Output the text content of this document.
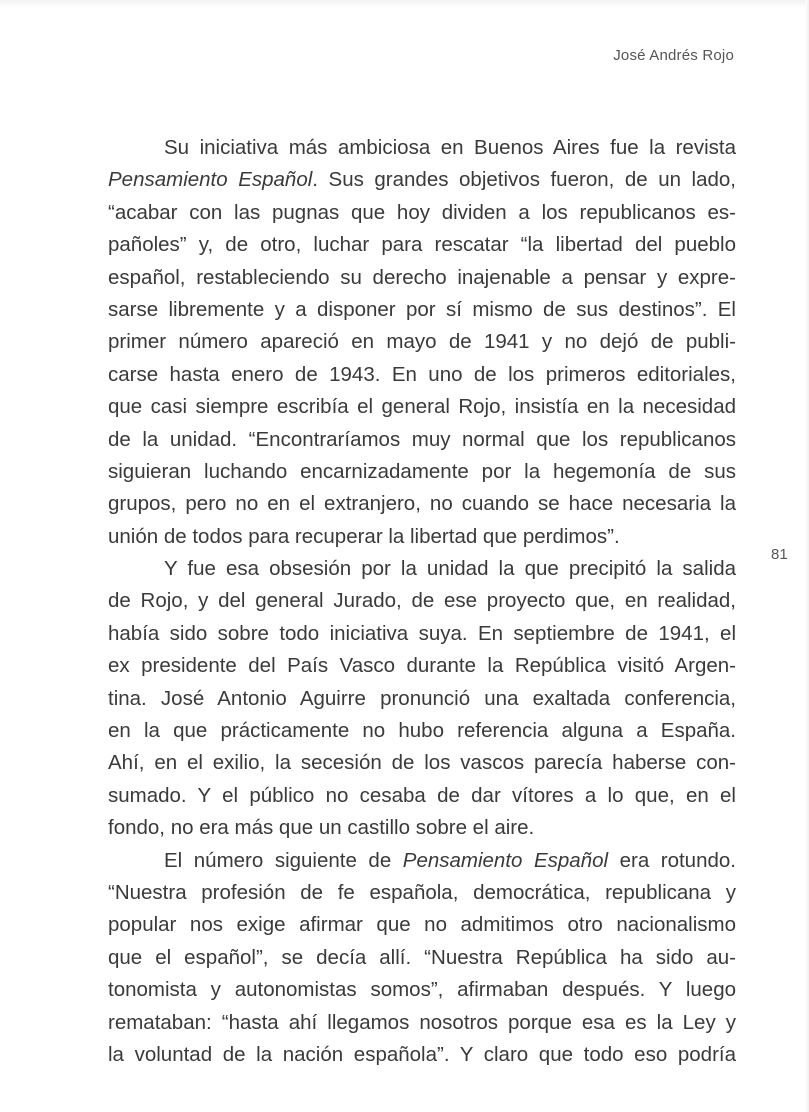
José Andrés Rojo
81
Su iniciativa más ambiciosa en Buenos Aires fue la revista
Pensamiento Español. Sus grandes objetivos fueron, de un lado,
“acabar con las pugnas que hoy dividen a los republicanos es-
pañoles” y, de otro, luchar para rescatar “la libertad del pueblo
español, restableciendo su derecho inajenable a pensar y expre-
sarse libremente y a disponer por sí mismo de sus destinos”. El
primer número apareció en mayo de 1941 y no dejó de publi-
carse hasta enero de 1943. En uno de los primeros editoriales,
que casi siempre escribía el general Rojo, insistía en la necesidad
de la unidad. “Encontraríamos muy normal que los republicanos
siguieran luchando encarnizadamente por la hegemonía de sus
grupos, pero no en el extranjero, no cuando se hace necesaria la
unión de todos para recuperar la libertad que perdimos”.
Y fue esa obsesión por la unidad la que precipitó la salida
de Rojo, y del general Jurado, de ese proyecto que, en realidad,
había sido sobre todo iniciativa suya. En septiembre de 1941, el
ex presidente del País Vasco durante la República visitó Argen-
tina. José Antonio Aguirre pronunció una exaltada conferencia,
en la que prácticamente no hubo referencia alguna a España.
Ahí, en el exilio, la secesión de los vascos parecía haberse con-
sumado. Y el público no cesaba de dar vítores a lo que, en el
fondo, no era más que un castillo sobre el aire.
El número siguiente de Pensamiento Español era rotundo.
“Nuestra profesión de fe española, democrática, republicana y
popular nos exige afirmar que no admitimos otro nacionalismo
que el español”, se decía allí. “Nuestra República ha sido au-
tonomista y autonomistas somos”, afirmaban después. Y luego
remataban: “hasta ahí llegamos nosotros porque esa es la Ley y
la voluntad de la nación española”. Y claro que todo eso podría
